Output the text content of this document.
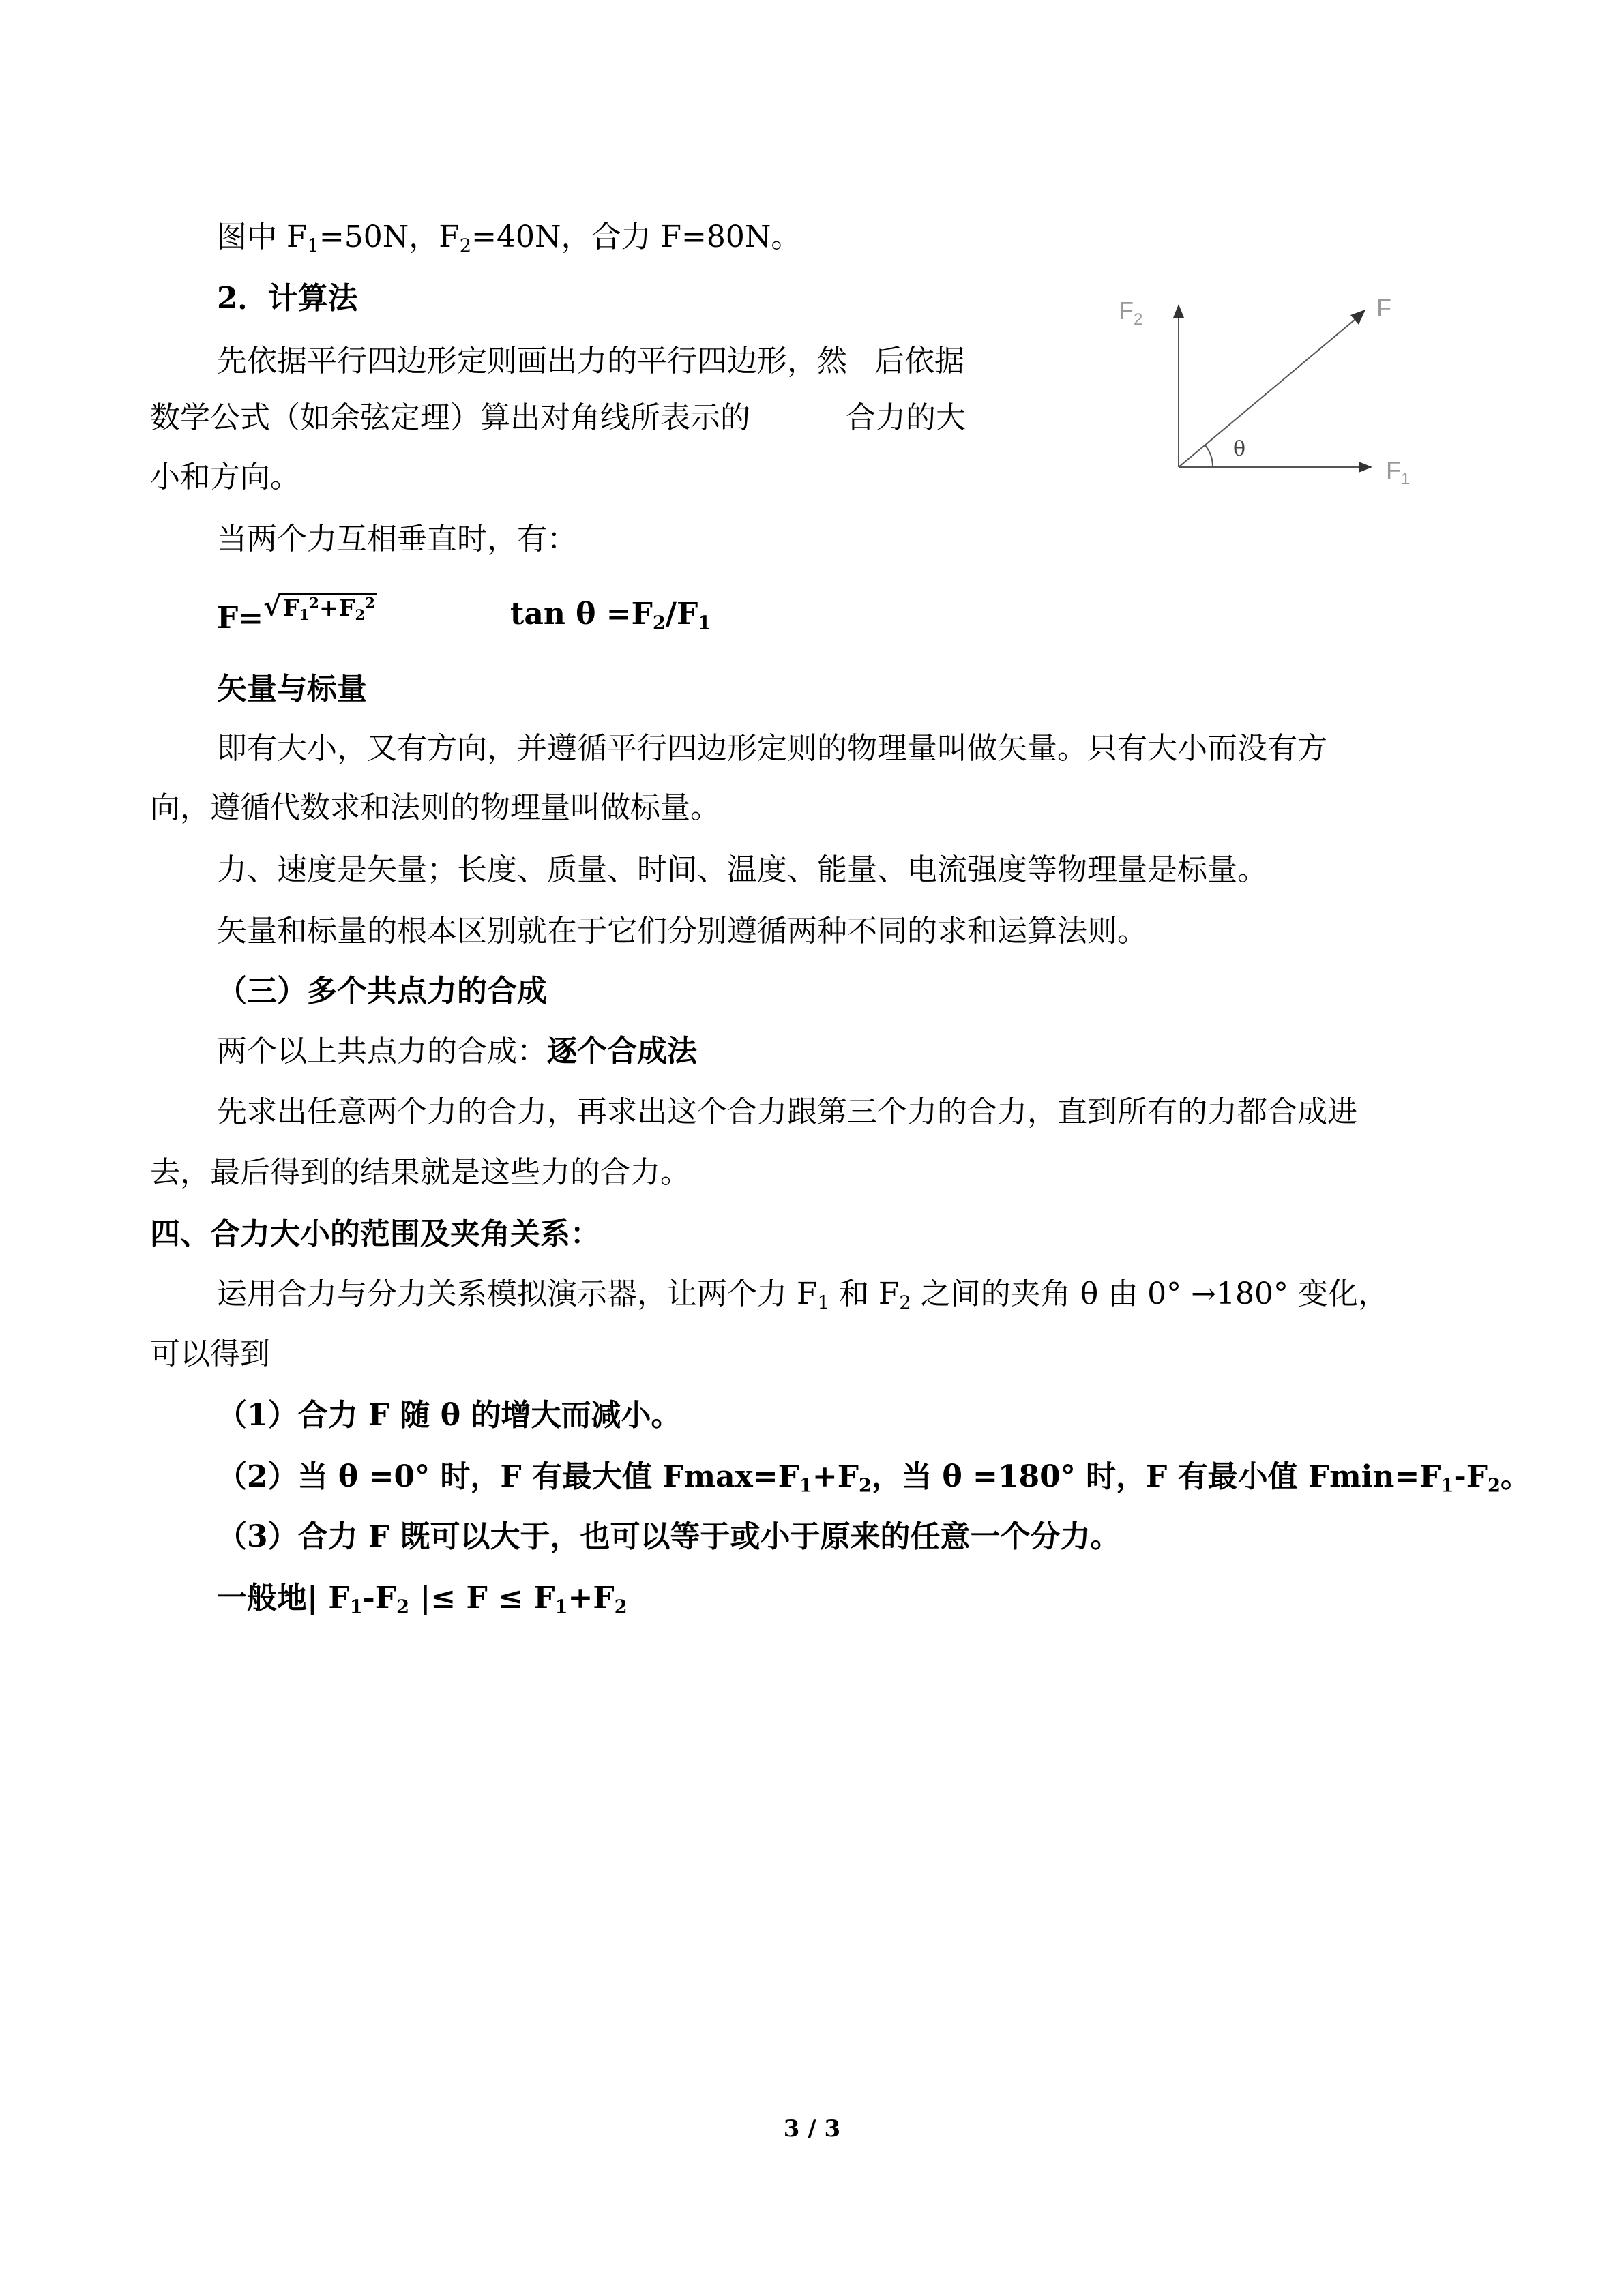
图中 $F_1=50N$，$F_2=40N$，合力 F=80N。
2．计算法
先依据平行四边形定则画出力的平行四边形，然 后依据
数学公式（如余弦定理）算出对角线所表示的	合力的大
小和方向。
当两个力互相垂直时，有：
$F=√F_1^2+F_2^2$	$\tan \theta =F_2/F_1$
矢量与标量
即有大小，又有方向，并遵循平行四边形定则的物理量叫做矢量。只有大小而没有方
向，遵循代数求和法则的物理量叫做标量。
力、速度是矢量；长度、质量、时间、温度、能量、电流强度等物理量是标量。
矢量和标量的根本区别就在于它们分别遵循两种不同的求和运算法则。
（三）多个共点力的合成
两个以上共点力的合成：逐个合成法
先求出任意两个力的合力，再求出这个合力跟第三个力的合力，直到所有的力都合成进
去，最后得到的结果就是这些力的合力。
四、合力大小的范围及夹角关系：
运用合力与分力关系模拟演示器，让两个力 $F_1$ 和 $F_2$ 之间的夹角 θ 由 0° →180° 变化，
可以得到
（1）合力 F 随 θ 的增大而减小。
（2）当 θ =0° 时，F 有最大值 $Fmax=F_1+F_2$，当 θ =180° 时，F 有最小值 $Fmin=F_1-F_2$。
（3）合力 F 既可以大于，也可以等于或小于原来的任意一个分力。
一般地| $F_1-F_2$ |≤ $F \le F_1+F_2$
$F_2$	F
$F_1$
θ
3 / 3
